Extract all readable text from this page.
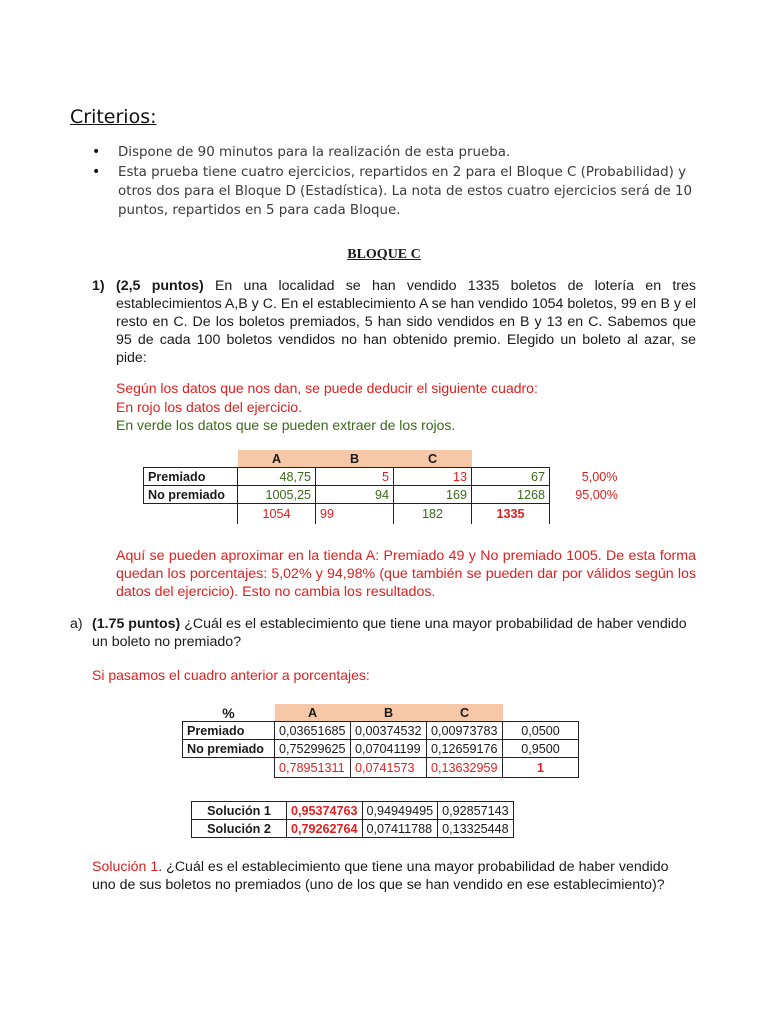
Criterios:
• Dispone de 90 minutos para la realización de esta prueba.
• Esta prueba tiene cuatro ejercicios, repartidos en 2 para el Bloque C (Probabilidad) y otros dos para el Bloque D (Estadística). La nota de estos cuatro ejercicios será de 10 puntos, repartidos en 5 para cada Bloque.
BLOQUE C
1) (2,5 puntos) En una localidad se han vendido 1335 boletos de lotería en tres establecimientos A,B y C. En el establecimiento A se han vendido 1054 boletos, 99 en B y el resto en C. De los boletos premiados, 5 han sido vendidos en B y 13 en C. Sabemos que 95 de cada 100 boletos vendidos no han obtenido premio. Elegido un boleto al azar, se pide:
Según los datos que nos dan, se puede deducir el siguiente cuadro:
En rojo los datos del ejercicio.
En verde los datos que se pueden extraer de los rojos.
	A	B	C		
Premiado	48,75	5	13	67	5,00%
No premiado	1005,25	94	169	1268	95,00%
	1054	99	182	1335	
Aquí se pueden aproximar en la tienda A: Premiado 49 y No premiado 1005. De esta forma quedan los porcentajes: 5,02% y 94,98% (que también se pueden dar por válidos según los datos del ejercicio). Esto no cambia los resultados.
a) (1.75 puntos) ¿Cuál es el establecimiento que tiene una mayor probabilidad de haber vendido un boleto no premiado?
Si pasamos el cuadro anterior a porcentajes:
%	A	B	C	
Premiado	0,03651685	0,00374532	0,00973783	0,0500
No premiado	0,75299625	0,07041199	0,12659176	0,9500
	0,78951311	0,0741573	0,13632959	1
Solución 1	0,95374763	0,94949495	0,92857143
Solución 2	0,79262764	0,07411788	0,13325448
Solución 1. ¿Cuál es el establecimiento que tiene una mayor probabilidad de haber vendido uno de sus boletos no premiados (uno de los que se han vendido en ese establecimiento)?
